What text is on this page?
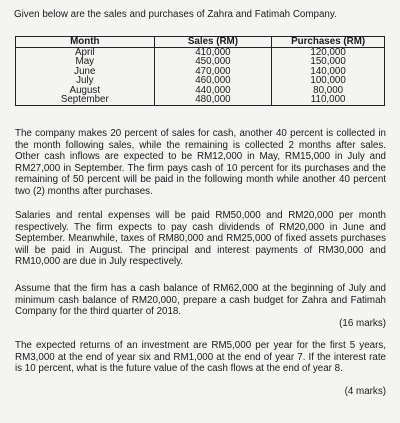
Given below are the sales and purchases of Zahra and Fatimah Company.
Month	Sales (RM)	Purchases (RM)
April	410,000	120,000
May	450,000	150,000
June	470,000	140,000
July	460,000	100,000
August	440,000	80,000
September	480,000	110,000

The company makes 20 percent of sales for cash, another 40 percent is collected in the month following sales, while the remaining is collected 2 months after sales. Other cash inflows are expected to be RM12,000 in May, RM15,000 in July and RM27,000 in September. The firm pays cash of 10 percent for its purchases and the remaining of 50 percent will be paid in the following month while another 40 percent two (2) months after purchases.

Salaries and rental expenses will be paid RM50,000 and RM20,000 per month respectively. The firm expects to pay cash dividends of RM20,000 in June and September. Meanwhile, taxes of RM80,000 and RM25,000 of fixed assets purchases will be paid in August. The principal and interest payments of RM30,000 and RM10,000 are due in July respectively.

Assume that the firm has a cash balance of RM62,000 at the beginning of July and minimum cash balance of RM20,000, prepare a cash budget for Zahra and Fatimah Company for the third quarter of 2018.

(16 marks)

The expected returns of an investment are RM5,000 per year for the first 5 years, RM3,000 at the end of year six and RM1,000 at the end of year 7. If the interest rate is 10 percent, what is the future value of the cash flows at the end of year 8.

(4 marks)
